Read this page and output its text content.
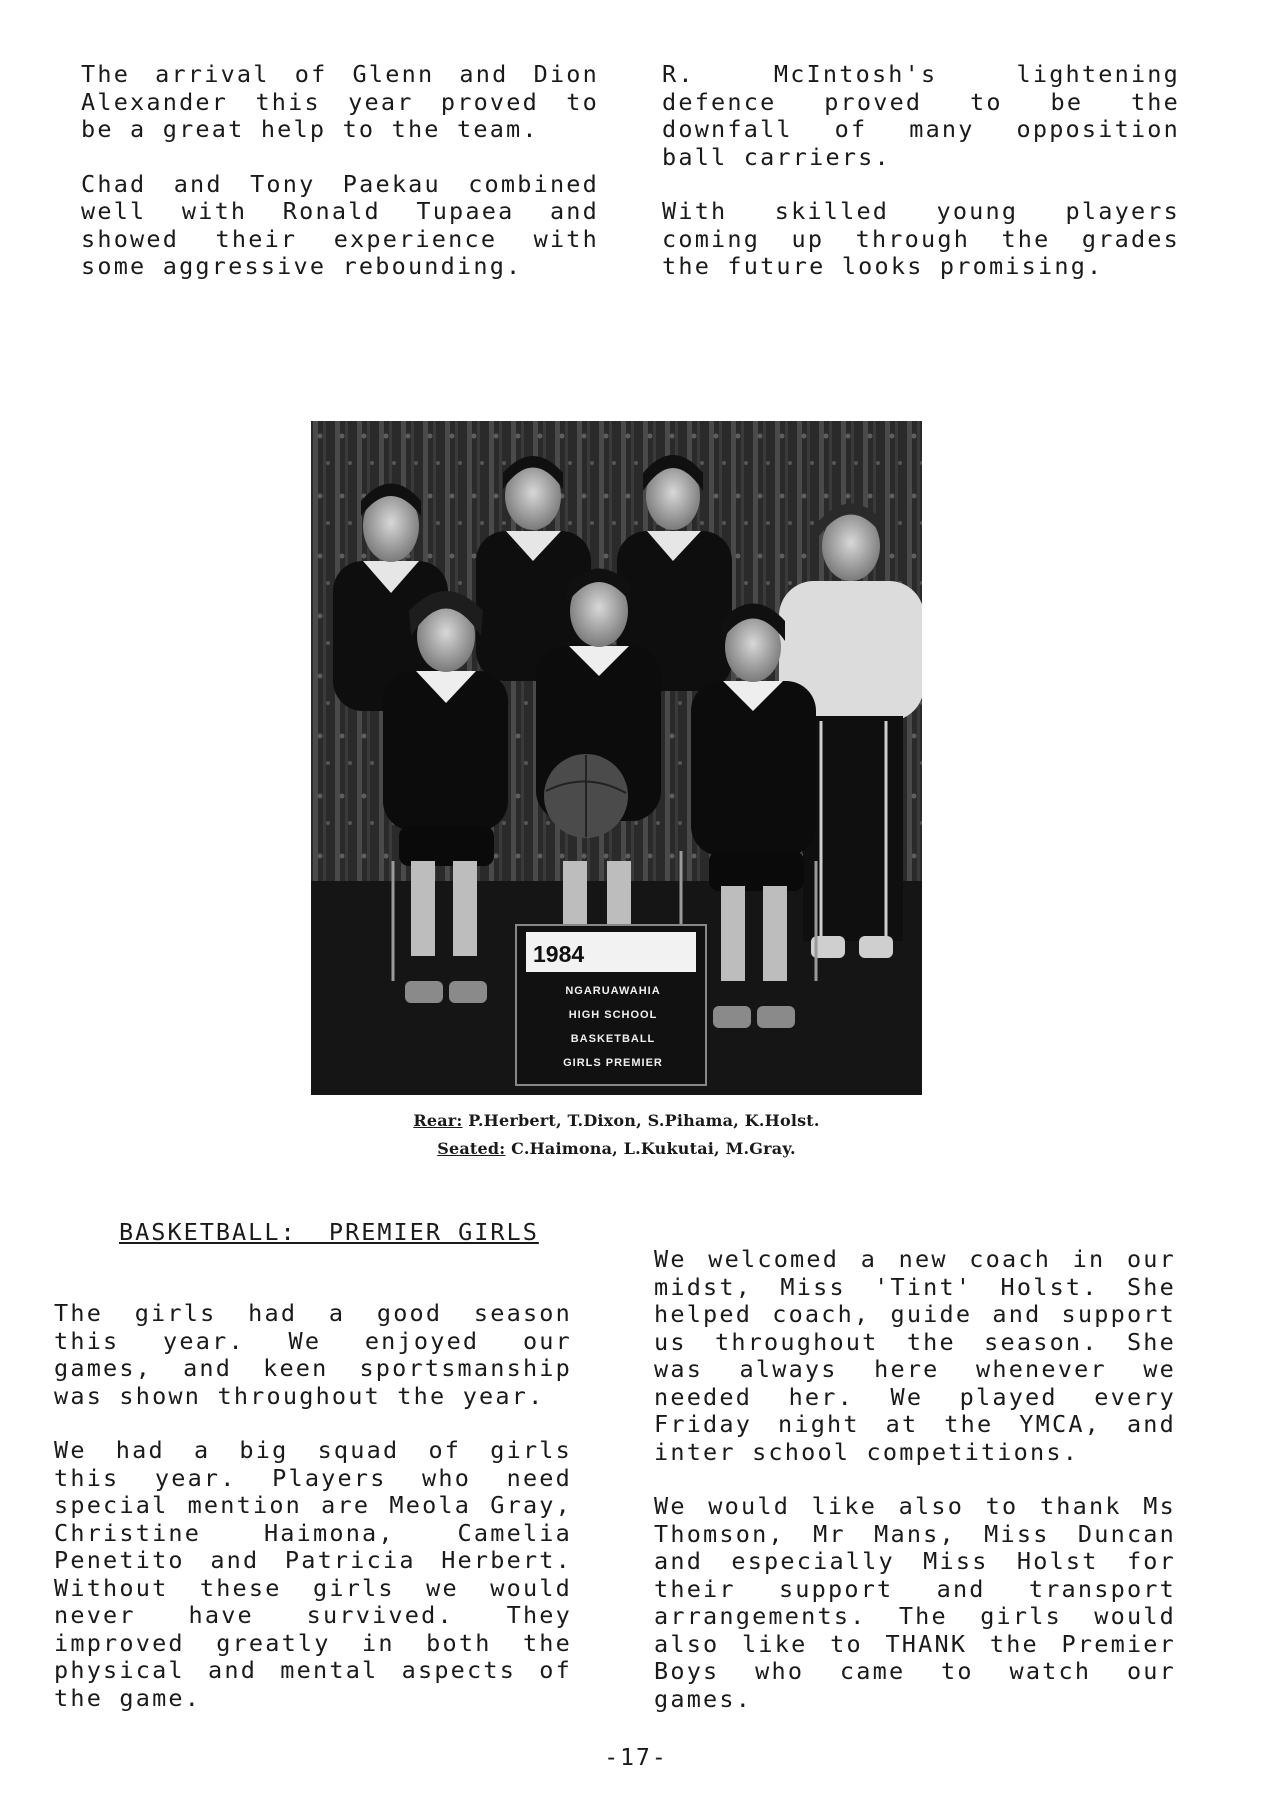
The arrival of Glenn and Dion Alexander this year proved to be a great help to the team.

Chad and Tony Paekau combined well with Ronald Tupaea and showed their experience with some aggressive rebounding.

R. McIntosh's lightening defence proved to be the downfall of many opposition ball carriers.

With skilled young players coming up through the grades the future looks promising.

1984
NGARUAWAHIA
HIGH SCHOOL
BASKETBALL
GIRLS PREMIER
Rear: P.Herbert, T.Dixon, S.Pihama, K.Holst.
Seated: C.Haimona, L.Kukutai, M.Gray.
BASKETBALL:  PREMIER GIRLS

The girls had a good season this year. We enjoyed our games, and keen sportsmanship was shown throughout the year.

We had a big squad of girls this year. Players who need special mention are Meola Gray, Christine Haimona, Camelia Penetito and Patricia Herbert. Without these girls we would never have survived. They improved greatly in both the physical and mental aspects of the game.

We welcomed a new coach in our midst, Miss 'Tint' Holst. She helped coach, guide and support us throughout the season. She was always here whenever we needed her. We played every Friday night at the YMCA, and inter school competitions.

We would like also to thank Ms Thomson, Mr Mans, Miss Duncan and especially Miss Holst for their support and transport arrangements. The girls would also like to THANK the Premier Boys who came to watch our games.

-17-
